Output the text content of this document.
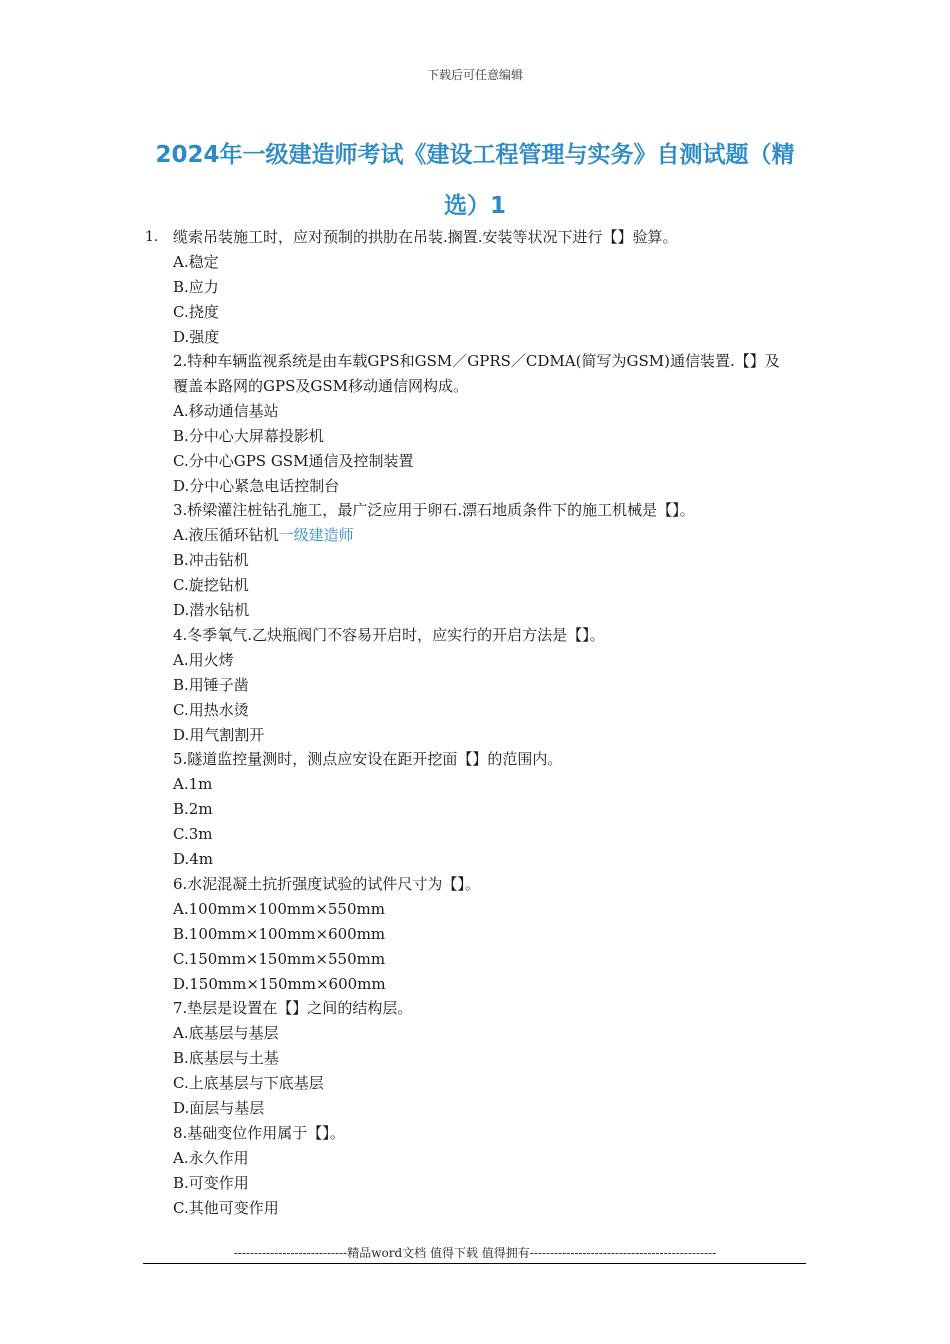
下载后可任意编辑
2024年一级建造师考试《建设工程管理与实务》自测试题（精
选）1
1. 缆索吊装施工时，应对预制的拱肋在吊装.搁置.安装等状况下进行【】验算。
A.稳定
B.应力
C.挠度
D.强度
2.特种车辆监视系统是由车载GPS和GSM／GPRS／CDMA(简写为GSM)通信装置.【】及
覆盖本路网的GPS及GSM移动通信网构成。
A.移动通信基站
B.分中心大屏幕投影机
C.分中心GPS GSM通信及控制装置
D.分中心紧急电话控制台
3.桥梁灌注桩钻孔施工，最广泛应用于卵石.漂石地质条件下的施工机械是【】。
A.液压循环钻机一级建造师
B.冲击钻机
C.旋挖钻机
D.潜水钻机
4.冬季氧气.乙炔瓶阀门不容易开启时，应实行的开启方法是【】。
A.用火烤
B.用锤子凿
C.用热水烫
D.用气割割开
5.隧道监控量测时，测点应安设在距开挖面【】的范围内。
A.1m
B.2m
C.3m
D.4m
6.水泥混凝土抗折强度试验的试件尺寸为【】。
A.100mm×100mm×550mm
B.100mm×100mm×600mm
C.150mm×150mm×550mm
D.150mm×150mm×600mm
7.垫层是设置在【】之间的结构层。
A.底基层与基层
B.底基层与土基
C.上底基层与下底基层
D.面层与基层
8.基础变位作用属于【】。
A.永久作用
B.可变作用
C.其他可变作用
----------------------------精品word文档 值得下载 值得拥有----------------------------------------------
